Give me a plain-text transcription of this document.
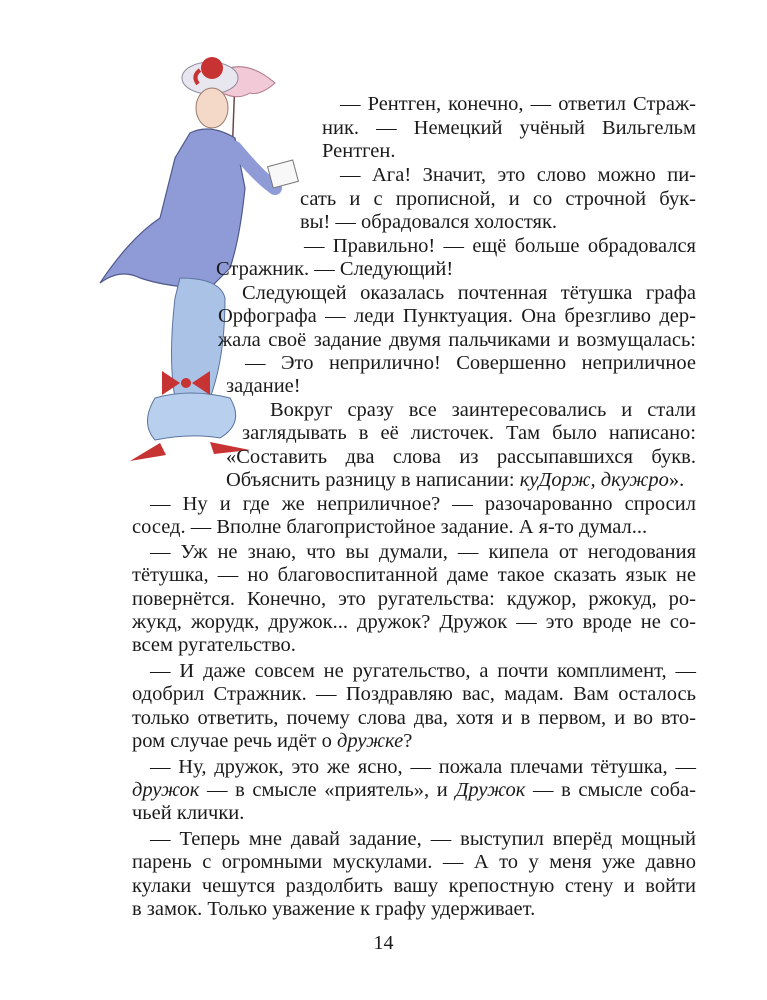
— Рентген, конечно, — ответил Страж-
ник. — Немецкий учёный Вильгельм
Рентген.
— Ага! Значит, это слово можно пи-
сать и с прописной, и со строчной бук-
вы! — обрадовался холостяк.
— Правильно! — ещё больше обрадовался
Стражник. — Следующий!
Следующей оказалась почтенная тётушка графа
Орфографа — леди Пунктуация. Она брезгливо дер-
жала своё задание двумя пальчиками и возмущалась:
— Это неприлично! Совершенно неприличное
задание!
Вокруг сразу все заинтересовались и стали
заглядывать в её листочек. Там было написано:
«Составить два слова из рассыпавшихся букв.
Объяснить разницу в написании: куДорж, дкужро».
— Ну и где же неприличное? — разочарованно спросил
сосед. — Вполне благопристойное задание. А я-то думал...
— Уж не знаю, что вы думали, — кипела от негодования
тётушка, — но благовоспитанной даме такое сказать язык не
повернётся. Конечно, это ругательства: кдужор, ржокуд, ро-
жукд, жорудк, дружок... дружок? Дружок — это вроде не со-
всем ругательство.
— И даже совсем не ругательство, а почти комплимент, —
одобрил Стражник. — Поздравляю вас, мадам. Вам осталось
только ответить, почему слова два, хотя и в первом, и во вто-
ром случае речь идёт о дружке?
— Ну, дружок, это же ясно, — пожала плечами тётушка, —
дружок — в смысле «приятель», и Дружок — в смысле соба-
чьей клички.
— Теперь мне давай задание, — выступил вперёд мощный
парень с огромными мускулами. — А то у меня уже давно
кулаки чешутся раздолбить вашу крепостную стену и войти
в замок. Только уважение к графу удерживает.
14
